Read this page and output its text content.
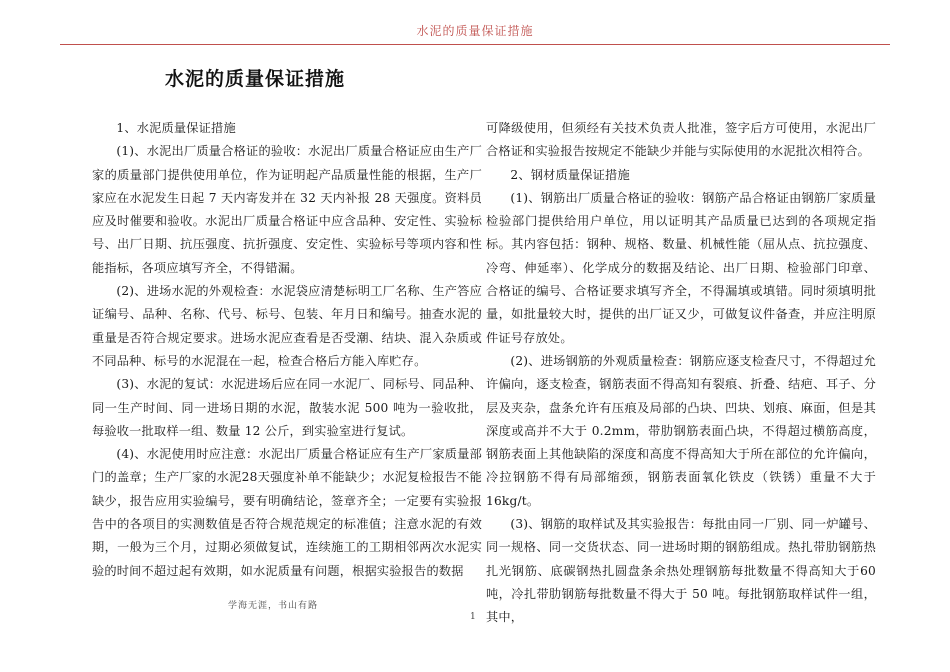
水泥的质量保证措施
水泥的质量保证措施

1、水泥质量保证措施

(1)、水泥出厂质量合格证的验收：水泥出厂质量合格证应由生产厂家的质量部门提供使用单位，作为证明起产品质量性能的根据，生产厂家应在水泥发生日起 7 天内寄发并在 32 天内补报 28 天强度。资料员应及时催要和验收。水泥出厂质量合格证中应含品种、安定性、实验标号、出厂日期、抗压强度、抗折强度、安定性、实验标号等项内容和性能指标，各项应填写齐全，不得错漏。

(2)、进场水泥的外观检查：水泥袋应清楚标明工厂名称、生产答应证编号、品种、名称、代号、标号、包装、年月日和编号。抽查水泥的重量是否符合规定要求。进场水泥应查看是否受潮、结块、混入杂质或不同品种、标号的水泥混在一起，检查合格后方能入库贮存。

(3)、水泥的复试：水泥进场后应在同一水泥厂、同标号、同品种、同一生产时间、同一进场日期的水泥，散装水泥 500 吨为一验收批，每验收一批取样一组、数量 12 公斤，到实验室进行复试。

(4)、水泥使用时应注意：水泥出厂质量合格证应有生产厂家质量部门的盖章；生产厂家的水泥28天强度补单不能缺少；水泥复检报告不能缺少，报告应用实验编号，要有明确结论，签章齐全；一定要有实验报告中的各项目的实测数值是否符合规范规定的标准值；注意水泥的有效期，一般为三个月，过期必须做复试，连续施工的工期相邻两次水泥实验的时间不超过起有效期，如水泥质量有问题，根据实验报告的数据

可降级使用，但须经有关技术负责人批准，签字后方可使用，水泥出厂合格证和实验报告按规定不能缺少并能与实际使用的水泥批次相符合。

2、钢材质量保证措施

(1)、钢筋出厂质量合格证的验收：钢筋产品合格证由钢筋厂家质量检验部门提供给用户单位，用以证明其产品质量已达到的各项规定指标。其内容包括：钢种、规格、数量、机械性能（屈从点、抗拉强度、冷弯、伸延率）、化学成分的数据及结论、出厂日期、检验部门印章、合格证的编号、合格证要求填写齐全，不得漏填或填错。同时须填明批量，如批量较大时，提供的出厂证又少，可做复议件备查，并应注明原件证号存放处。

(2)、进场钢筋的外观质量检查：钢筋应逐支检查尺寸，不得超过允许偏向，逐支检查，钢筋表面不得高知有裂痕、折叠、结疤、耳子、分层及夹杂，盘条允许有压痕及局部的凸块、凹块、划痕、麻面，但是其深度或高并不大于 0.2mm，带肋钢筋表面凸块，不得超过横筋高度，钢筋表面上其他缺陷的深度和高度不得高知大于所在部位的允许偏向，冷拉钢筋不得有局部缩颈，钢筋表面氧化铁皮（铁锈）重量不大于 16kg/t。

(3)、钢筋的取样试及其实验报告：每批由同一厂别、同一炉罐号、同一规格、同一交货状态、同一进场时期的钢筋组成。热扎带肋钢筋热扎光钢筋、底碳钢热扎圆盘条余热处理钢筋每批数量不得高知大于60吨，冷扎带肋钢筋每批数量不得大于 50 吨。每批钢筋取样试件一组，其中，

学海无涯，书山有路
1
